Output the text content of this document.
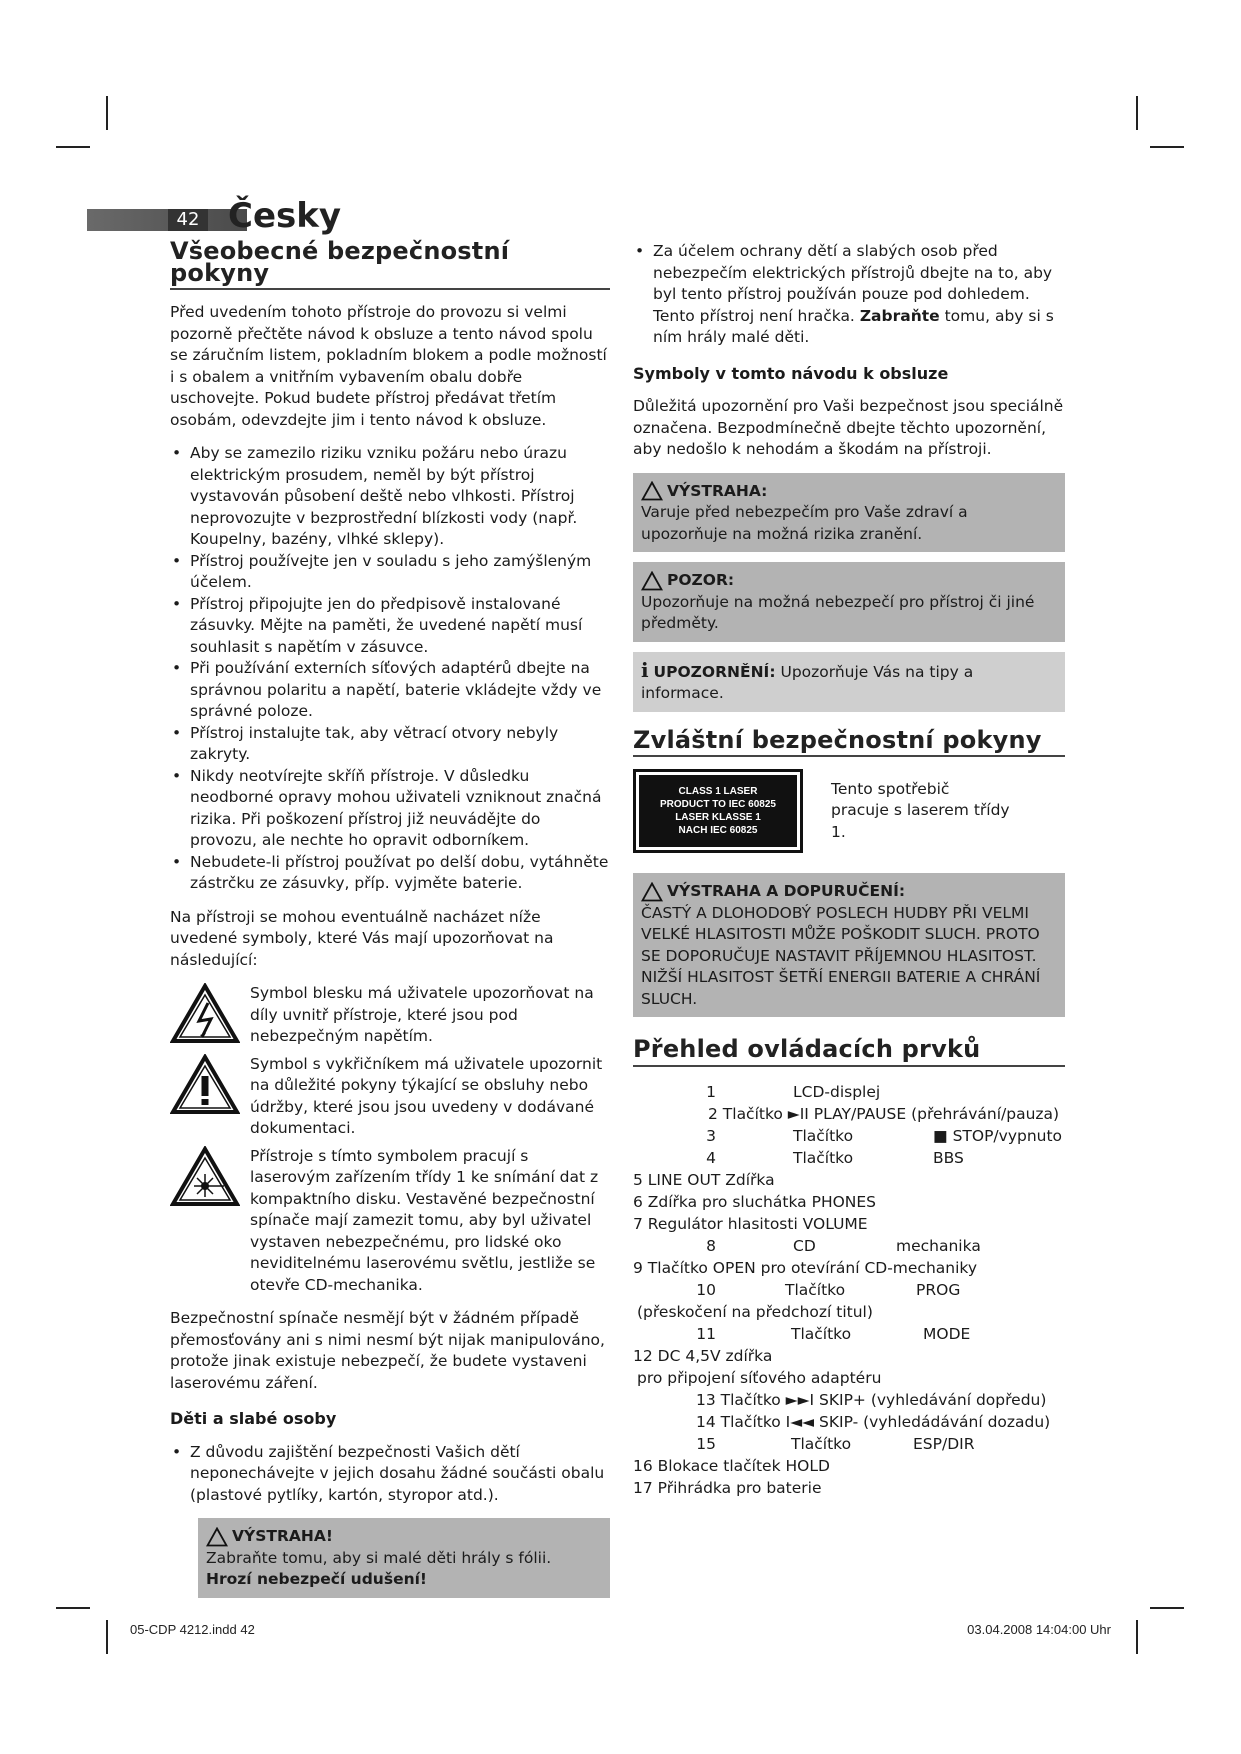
42 Česky
Všeobecné bezpečnostní pokyny

Před uvedením tohoto přístroje do provozu si velmi pozorně přečtěte návod k obsluze a tento návod spolu se záručním listem, pokladním blokem a podle možností i s obalem a vnitřním vybavením obalu dobře uschovejte. Pokud budete přístroj předávat třetím osobám, odevzdejte jim i tento návod k obsluze.

• Aby se zamezilo riziku vzniku požáru nebo úrazu elektrickým prosudem, neměl by být přístroj vystavován působení deště nebo vlhkosti. Přístroj neprovozujte v bezprostřední blízkosti vody (např. Koupelny, bazény, vlhké sklepy).
• Přístroj používejte jen v souladu s jeho zamýšleným účelem.
• Přístroj připojujte jen do předpisově instalované zásuvky. Mějte na paměti, že uvedené napětí musí souhlasit s napětím v zásuvce.
• Při používání externích síťových adaptérů dbejte na správnou polaritu a napětí, baterie vkládejte vždy ve správné poloze.
• Přístroj instalujte tak, aby větrací otvory nebyly zakryty.
• Nikdy neotvírejte skříň přístroje. V důsledku neodborné opravy mohou uživateli vzniknout značná rizika. Při poškození přístroj již neuvádějte do provozu, ale nechte ho opravit odborníkem.
• Nebudete-li přístroj používat po delší dobu, vytáhněte zástrčku ze zásuvky, příp. vyjměte baterie.

Na přístroji se mohou eventuálně nacházet níže uvedené symboly, které Vás mají upozorňovat na následující:

Symbol blesku má uživatele upozorňovat na díly uvnitř přístroje, které jsou pod nebezpečným napětím.

Symbol s vykřičníkem má uživatele upozornit na důležité pokyny týkající se obsluhy nebo údržby, které jsou jsou uvedeny v dodávané dokumentaci.

Přístroje s tímto symbolem pracují s laserovým zařízením třídy 1 ke snímání dat z kompaktního disku. Vestavěné bezpečnostní spínače mají zamezit tomu, aby byl uživatel vystaven nebezpečnému, pro lidské oko neviditelnému laserovému světlu, jestliže se otevře CD-mechanika.

Bezpečnostní spínače nesmějí být v žádném případě přemosťovány ani s nimi nesmí být nijak manipulováno, protože jinak existuje nebezpečí, že budete vystaveni laserovému záření.

Děti a slabé osoby

• Z důvodu zajištění bezpečnosti Vašich dětí neponechávejte v jejich dosahu žádné součásti obalu (plastové pytlíky, kartón, styropor atd.).
VÝSTRAHA!
Zabraňte tomu, aby si malé děti hrály s fólii.
Hrozí nebezpečí udušení!
• Za účelem ochrany dětí a slabých osob před nebezpečím elektrických přístrojů dbejte na to, aby byl tento přístroj používán pouze pod dohledem. Tento přístroj není hračka. Zabraňte tomu, aby si s ním hrály malé děti.

Symboly v tomto návodu k obsluze

Důležitá upozornění pro Vaši bezpečnost jsou speciálně označena. Bezpodmínečně dbejte těchto upozornění, aby nedošlo k nehodám a škodám na přístroji.

VÝSTRAHA:
Varuje před nebezpečím pro Vaše zdraví a upozorňuje na možná rizika zranění.
POZOR:
Upozorňuje na možná nebezpečí pro přístroj či jiné předměty.
i UPOZORNĚNÍ: Upozorňuje Vás na tipy a informace.
Zvláštní bezpečnostní pokyny
CLASS 1 LASER
PRODUCT TO IEC 60825
LASER KLASSE 1
NACH IEC 60825

Tento spotřebič pracuje s laserem třídy 1.

VÝSTRAHA A DOPURUČENÍ:
ČASTÝ A DLOHODOBÝ POSLECH HUDBY PŘI VELMI VELKÉ HLASITOSTI MŮŽE POŠKODIT SLUCH. PROTO SE DOPORUČUJE NASTAVIT PŘÍJEMNOU HLASITOST. NIŽŠÍ HLASITOST ŠETŘÍ ENERGII BATERIE A CHRÁNÍ SLUCH.
Přehled ovládacích prvků
1	LCD-displej
2 Tlačítko ►II PLAY/PAUSE (přehrávání/pauza)
3	Tlačítko	■ STOP/vypnuto
4	Tlačítko	BBS
5 LINE OUT Zdířka
6 Zdířka pro sluchátka PHONES
7 Regulátor hlasitosti VOLUME
8	CD	mechanika
9 Tlačítko OPEN pro otevírání CD-mechaniky
10	Tlačítko	PROG
(přeskočení na předchozí titul)
11	Tlačítko	MODE
12 DC 4,5V zdířka
pro připojení síťového adaptéru
13 Tlačítko ►►I SKIP+ (vyhledávání dopředu)
14 Tlačítko I◄◄ SKIP- (vyhledádávání dozadu)
15	Tlačítko	ESP/DIR
16 Blokace tlačítek HOLD
17 Přihrádka pro baterie
05-CDP 4212.indd 42	03.04.2008 14:04:00 Uhr
